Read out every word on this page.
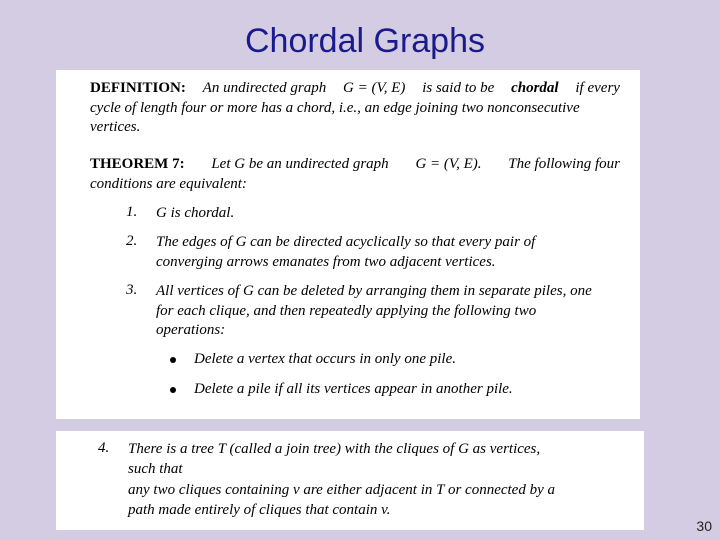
Chordal Graphs
DEFINITION: An undirected graph G = (V, E) is said to be chordal if every
cycle of length four or more has a chord, i.e., an edge joining two nonconsecutive
vertices.
THEOREM 7: Let G be an undirected graph G = (V, E). The following four
conditions are equivalent:
1. G is chordal.
2. The edges of G can be directed acyclically so that every pair of
converging arrows emanates from two adjacent vertices.
3. All vertices of G can be deleted by arranging them in separate piles, one
for each clique, and then repeatedly applying the following two
operations:
Delete a vertex that occurs in only one pile.
Delete a pile if all its vertices appear in another pile.
4. There is a tree T (called a join tree) with the cliques of G as vertices,
such that
any two cliques containing v are either adjacent in T or connected by a
path made entirely of cliques that contain v.
30
